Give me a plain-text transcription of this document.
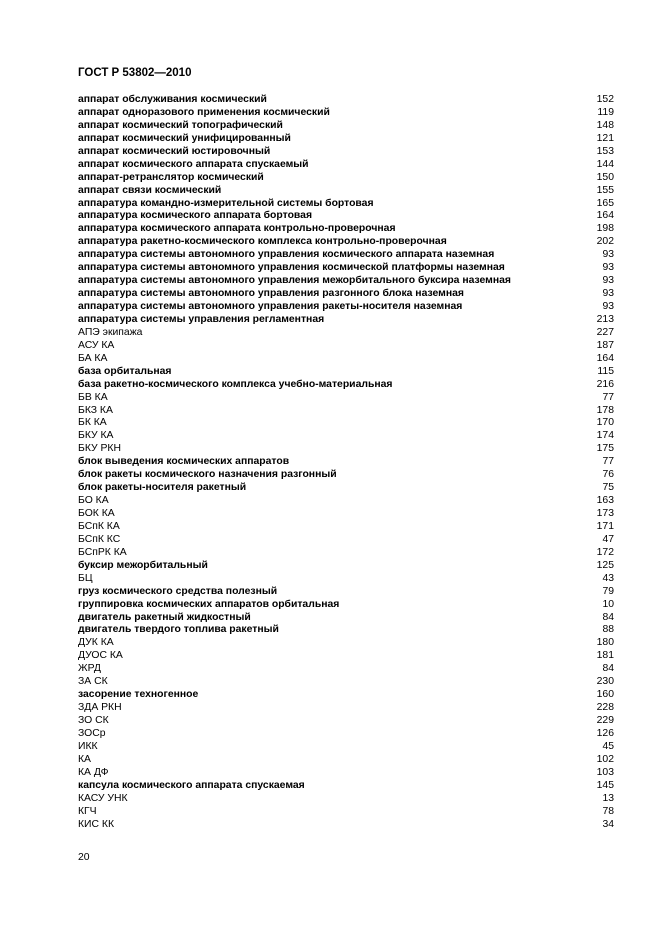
ГОСТ Р 53802—2010
аппарат обслуживания космический	152
аппарат одноразового применения космический	119
аппарат космический топографический	148
аппарат космический унифицированный	121
аппарат космический юстировочный	153
аппарат космического аппарата спускаемый	144
аппарат-ретранслятор космический	150
аппарат связи космический	155
аппаратура командно-измерительной системы бортовая	165
аппаратура космического аппарата бортовая	164
аппаратура космического аппарата контрольно-проверочная	198
аппаратура ракетно-космического комплекса контрольно-проверочная	202
аппаратура системы автономного управления космического аппарата наземная	93
аппаратура системы автономного управления космической платформы наземная	93
аппаратура системы автономного управления межорбитального буксира наземная	93
аппаратура системы автономного управления разгонного блока наземная	93
аппаратура системы автономного управления ракеты-носителя наземная	93
аппаратура системы управления регламентная	213
АПЭ экипажа	227
АСУ КА	187
БА КА	164
база орбитальная	115
база ракетно-космического комплекса учебно-материальная	216
БВ КА	77
БКЗ КА	178
БК КА	170
БКУ КА	174
БКУ РКН	175
блок выведения космических аппаратов	77
блок ракеты космического назначения разгонный	76
блок ракеты-носителя ракетный	75
БО КА	163
БОК КА	173
БСпК КА	171
БСпК КС	47
БСпРК КА	172
буксир межорбитальный	125
БЦ	43
груз космического средства полезный	79
группировка космических аппаратов орбитальная	10
двигатель ракетный жидкостный	84
двигатель твердого топлива ракетный	88
ДУК КА	180
ДУОС КА	181
ЖРД	84
ЗА СК	230
засорение техногенное	160
ЗДА РКН	228
ЗО СК	229
ЗОСр	126
ИКК	45
КА	102
КА ДФ	103
капсула космического аппарата спускаемая	145
КАСУ УНК	13
КГЧ	78
КИС КК	34
20
